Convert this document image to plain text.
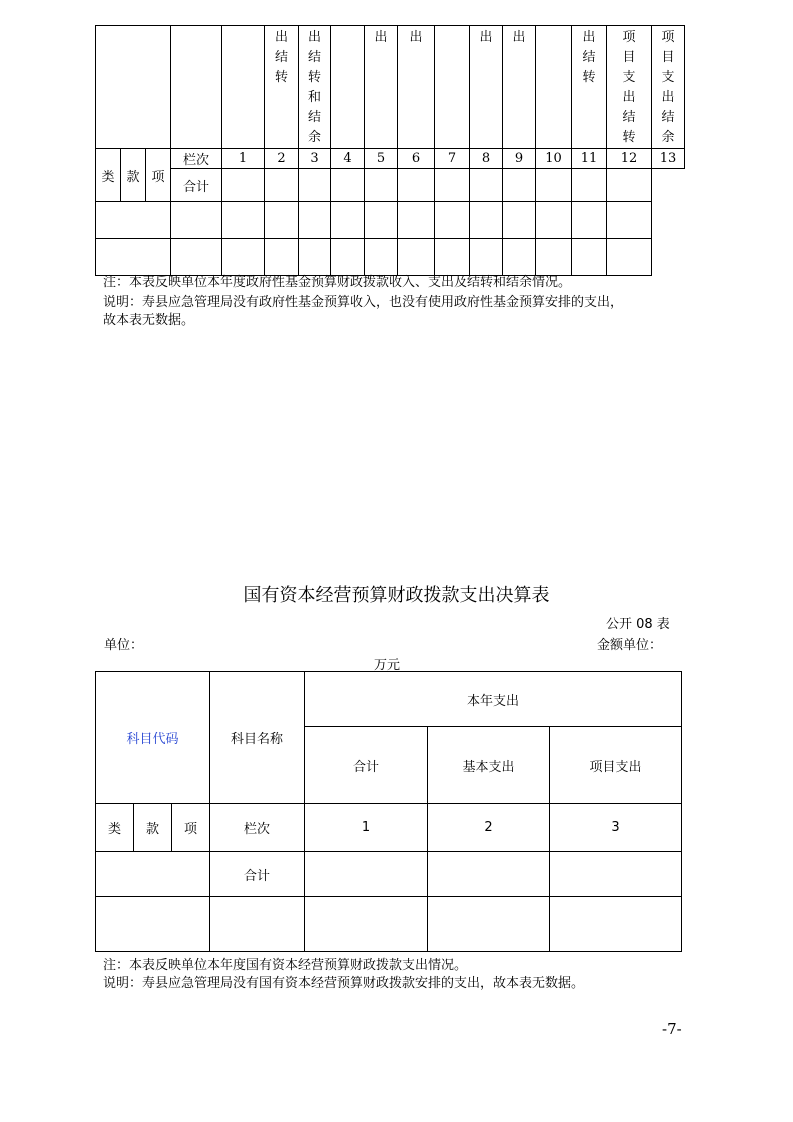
					出结转	出结转和结余		出	出		出	出		出结转	项目支出结转	项目支出结余
类	款	项	栏次	1	2	3	4	5	6	7	8	9	10	11	12	13
			合计													

注：本表反映单位本年度政府性基金预算财政拨款收入、支出及结转和结余情况。
说明：寿县应急管理局没有政府性基金预算收入，也没有使用政府性基金预算安排的支出，
故本表无数据。
国有资本经营预算财政拨款支出决算表
公开 08 表
单位：	金额单位：
万元
科目代码			科目名称	本年支出		
				合计	基本支出	项目支出
类	款	项	栏次	1	2	3
			合计			

注：本表反映单位本年度国有资本经营预算财政拨款支出情况。
说明：寿县应急管理局没有国有资本经营预算财政拨款安排的支出，故本表无数据。
-7-
